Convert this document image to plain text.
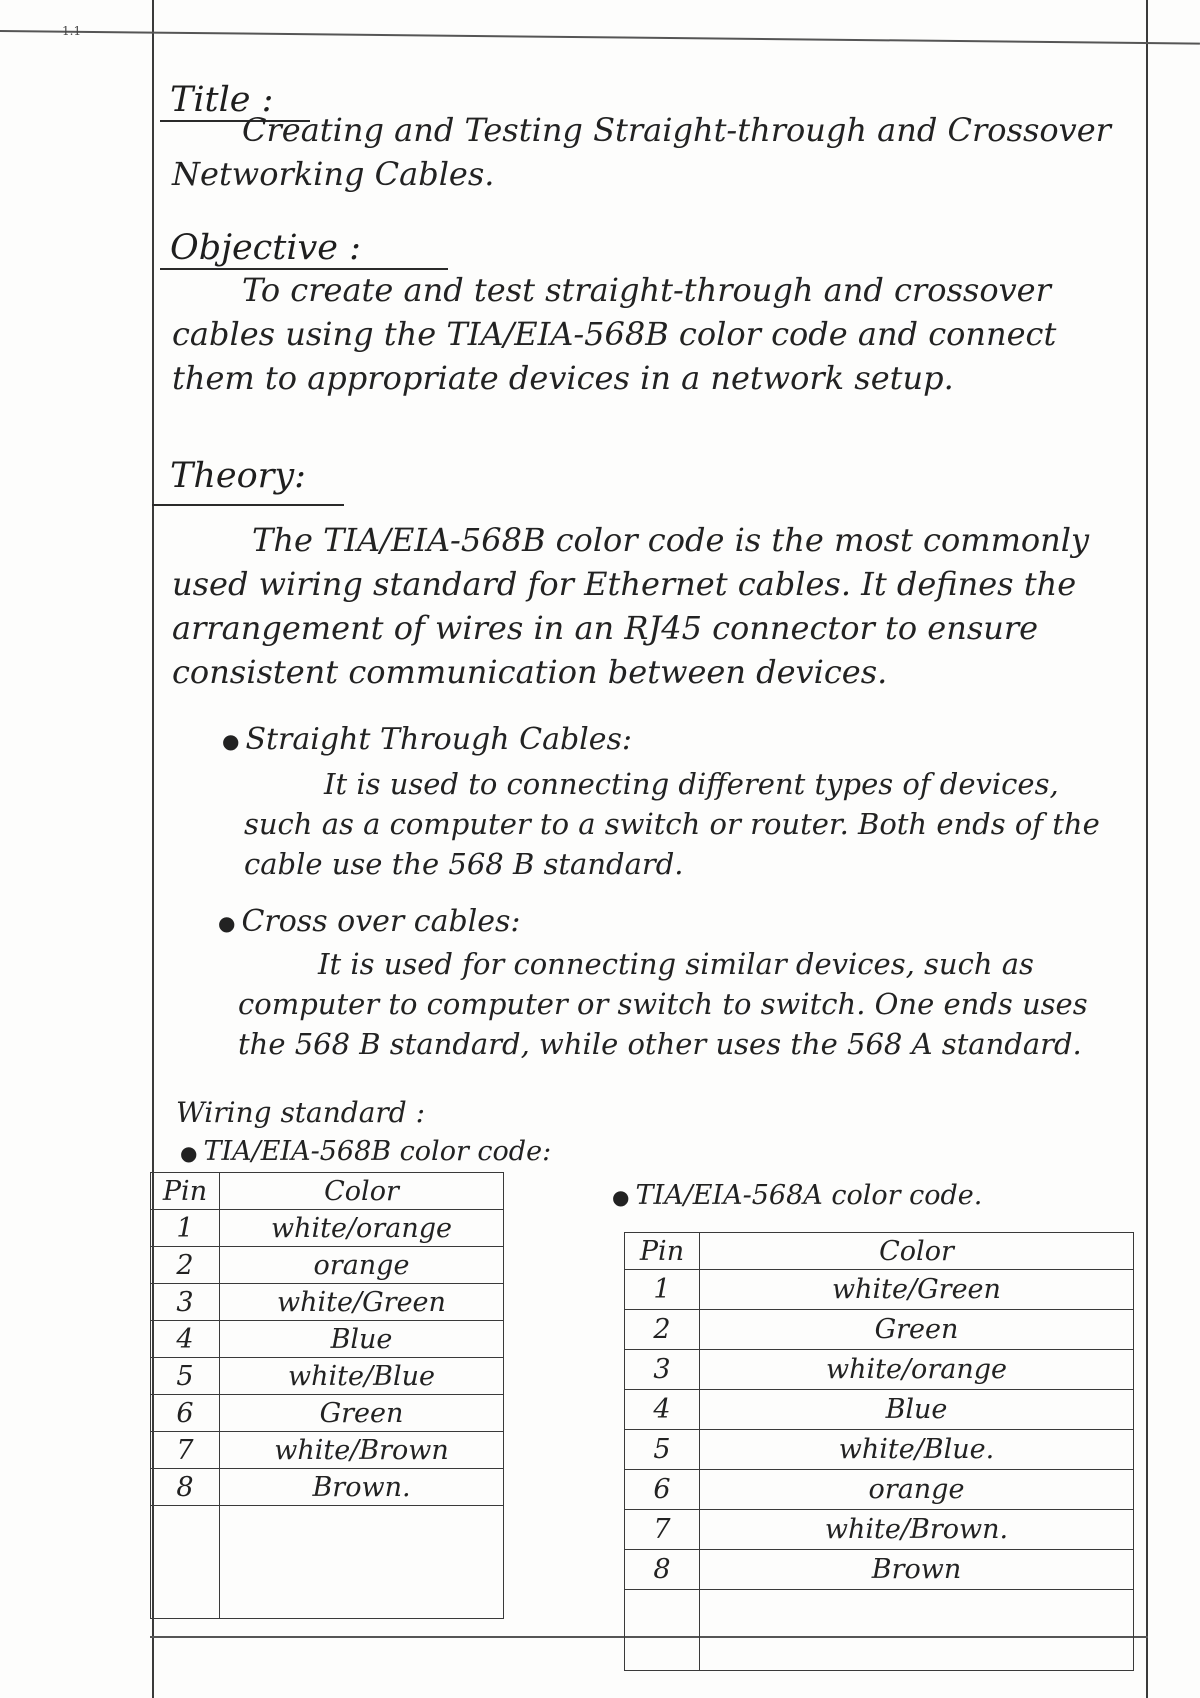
1.1
Title :

Creating and Testing Straight-through and Crossover Networking Cables.

Objective :

To create and test straight-through and crossover cables using the TIA/EIA-568B color code and connect them to appropriate devices in a network setup.

Theory:

The TIA/EIA-568B color code is the most commonly used wiring standard for Ethernet cables. It defines the arrangement of wires in an RJ45 connector to ensure consistent communication between devices.

● Straight Through Cables:

It is used to connecting different types of devices, such as a computer to a switch or router. Both ends of the cable use the 568 B standard.

● Cross over cables:

It is used for connecting similar devices, such as computer to computer or switch to switch. One ends uses the 568 B standard, while other uses the 568 A standard.

Wiring standard :
● TIA/EIA-568B color code:
● TIA/EIA-568A color code.
Pin	Color
1	white/orange
2	orange
3	white/Green
4	Blue
5	white/Blue
6	Green
7	white/Brown
8	Brown.

Pin	Color
1	white/Green
2	Green
3	white/orange
4	Blue
5	white/Blue.
6	orange
7	white/Brown.
8	Brown
